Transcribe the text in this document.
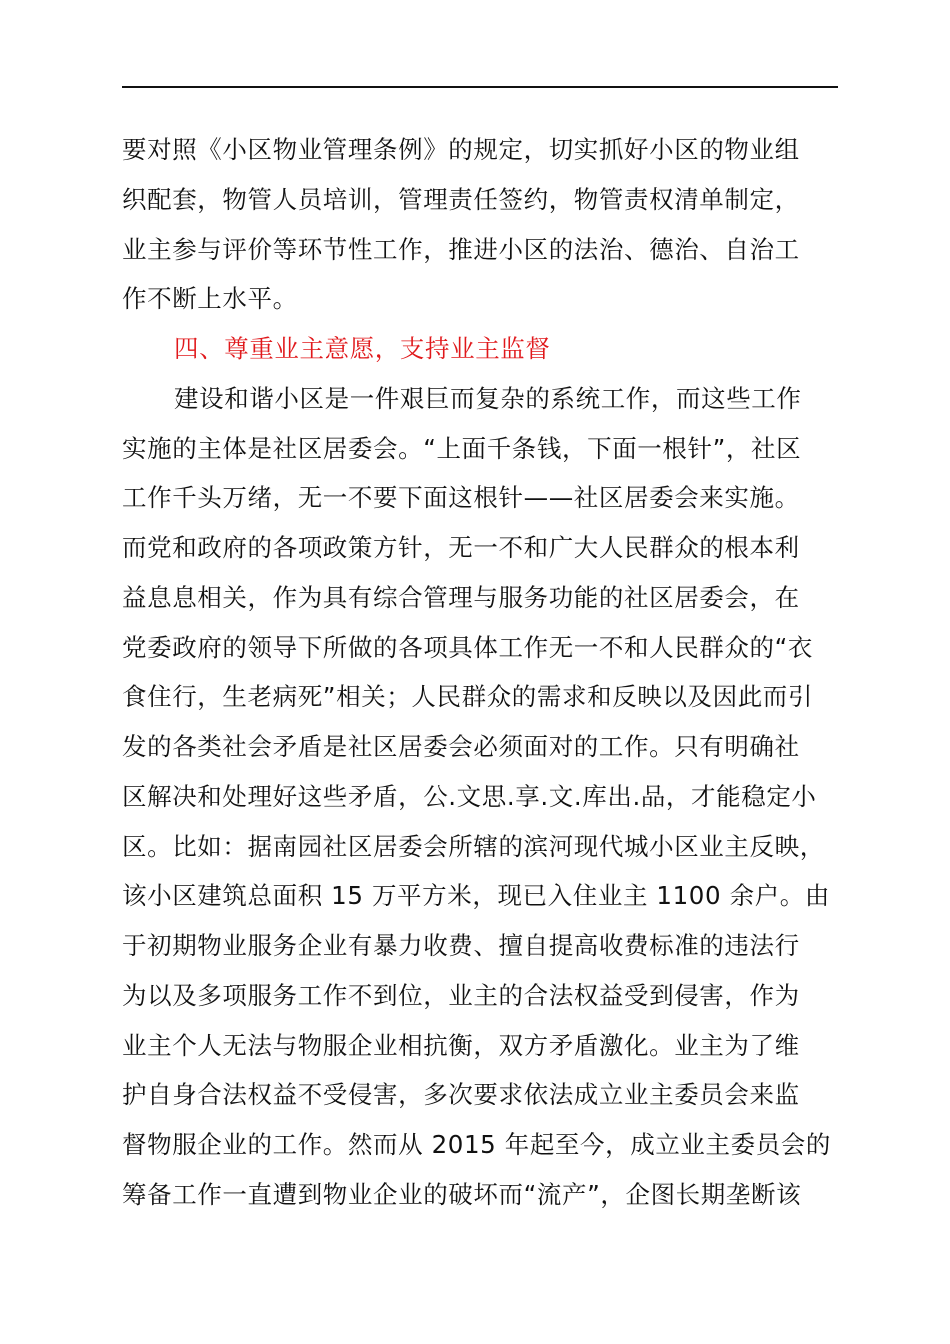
要对照《小区物业管理条例》的规定，切实抓好小区的物业组
织配套，物管人员培训，管理责任签约，物管责权清单制定，
业主参与评价等环节性工作，推进小区的法治、德治、自治工
作不断上水平。
四、尊重业主意愿，支持业主监督
建设和谐小区是一件艰巨而复杂的系统工作，而这些工作
实施的主体是社区居委会。“上面千条钱，下面一根针”，社区
工作千头万绪，无一不要下面这根针——社区居委会来实施。
而党和政府的各项政策方针，无一不和广大人民群众的根本利
益息息相关，作为具有综合管理与服务功能的社区居委会，在
党委政府的领导下所做的各项具体工作无一不和人民群众的“衣
食住行，生老病死”相关；人民群众的需求和反映以及因此而引
发的各类社会矛盾是社区居委会必须面对的工作。只有明确社
区解决和处理好这些矛盾，公.文思.享.文.库出.品，才能稳定小
区。比如：据南园社区居委会所辖的滨河现代城小区业主反映，
该小区建筑总面积 15 万平方米，现已入住业主 1100 余户。由
于初期物业服务企业有暴力收费、擅自提高收费标准的违法行
为以及多项服务工作不到位，业主的合法权益受到侵害，作为
业主个人无法与物服企业相抗衡，双方矛盾激化。业主为了维
护自身合法权益不受侵害，多次要求依法成立业主委员会来监
督物服企业的工作。然而从 2015 年起至今，成立业主委员会的
筹备工作一直遭到物业企业的破坏而“流产”，企图长期垄断该
